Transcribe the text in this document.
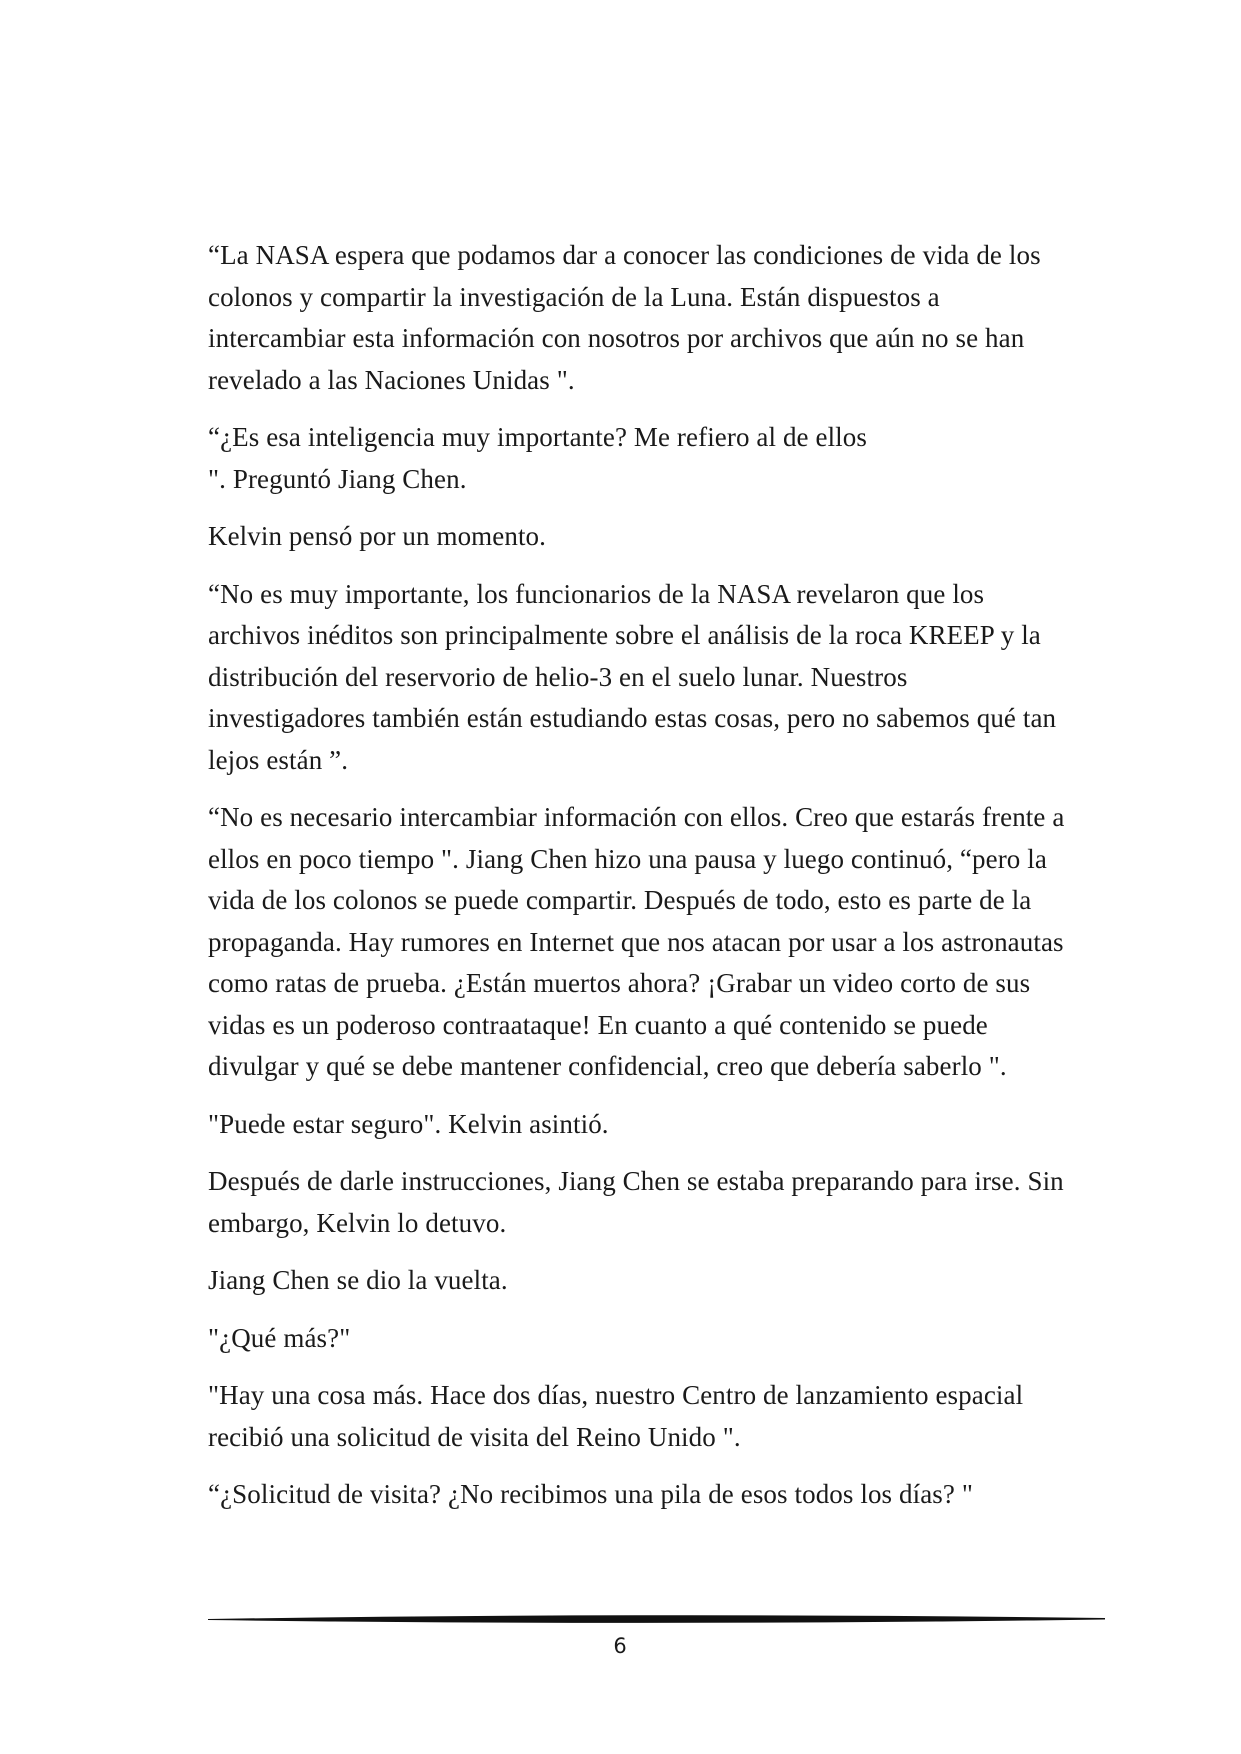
“La NASA espera que podamos dar a conocer las condiciones de vida de los colonos y compartir la investigación de la Luna. Están dispuestos a intercambiar esta información con nosotros por archivos que aún no se han revelado a las Naciones Unidas ".

“¿Es esa inteligencia muy importante? Me refiero al de ellos ". Preguntó Jiang Chen.

Kelvin pensó por un momento.

“No es muy importante, los funcionarios de la NASA revelaron que los archivos inéditos son principalmente sobre el análisis de la roca KREEP y la distribución del reservorio de helio-3 en el suelo lunar. Nuestros investigadores también están estudiando estas cosas, pero no sabemos qué tan lejos están ”.

“No es necesario intercambiar información con ellos. Creo que estarás frente a ellos en poco tiempo ". Jiang Chen hizo una pausa y luego continuó, “pero la vida de los colonos se puede compartir. Después de todo, esto es parte de la propaganda. Hay rumores en Internet que nos atacan por usar a los astronautas como ratas de prueba. ¿Están muertos ahora? ¡Grabar un video corto de sus vidas es un poderoso contraataque! En cuanto a qué contenido se puede divulgar y qué se debe mantener confidencial, creo que debería saberlo ".

"Puede estar seguro". Kelvin asintió.

Después de darle instrucciones, Jiang Chen se estaba preparando para irse. Sin embargo, Kelvin lo detuvo.

Jiang Chen se dio la vuelta.

"¿Qué más?"

"Hay una cosa más. Hace dos días, nuestro Centro de lanzamiento espacial recibió una solicitud de visita del Reino Unido ".

“¿Solicitud de visita? ¿No recibimos una pila de esos todos los días? "

6
